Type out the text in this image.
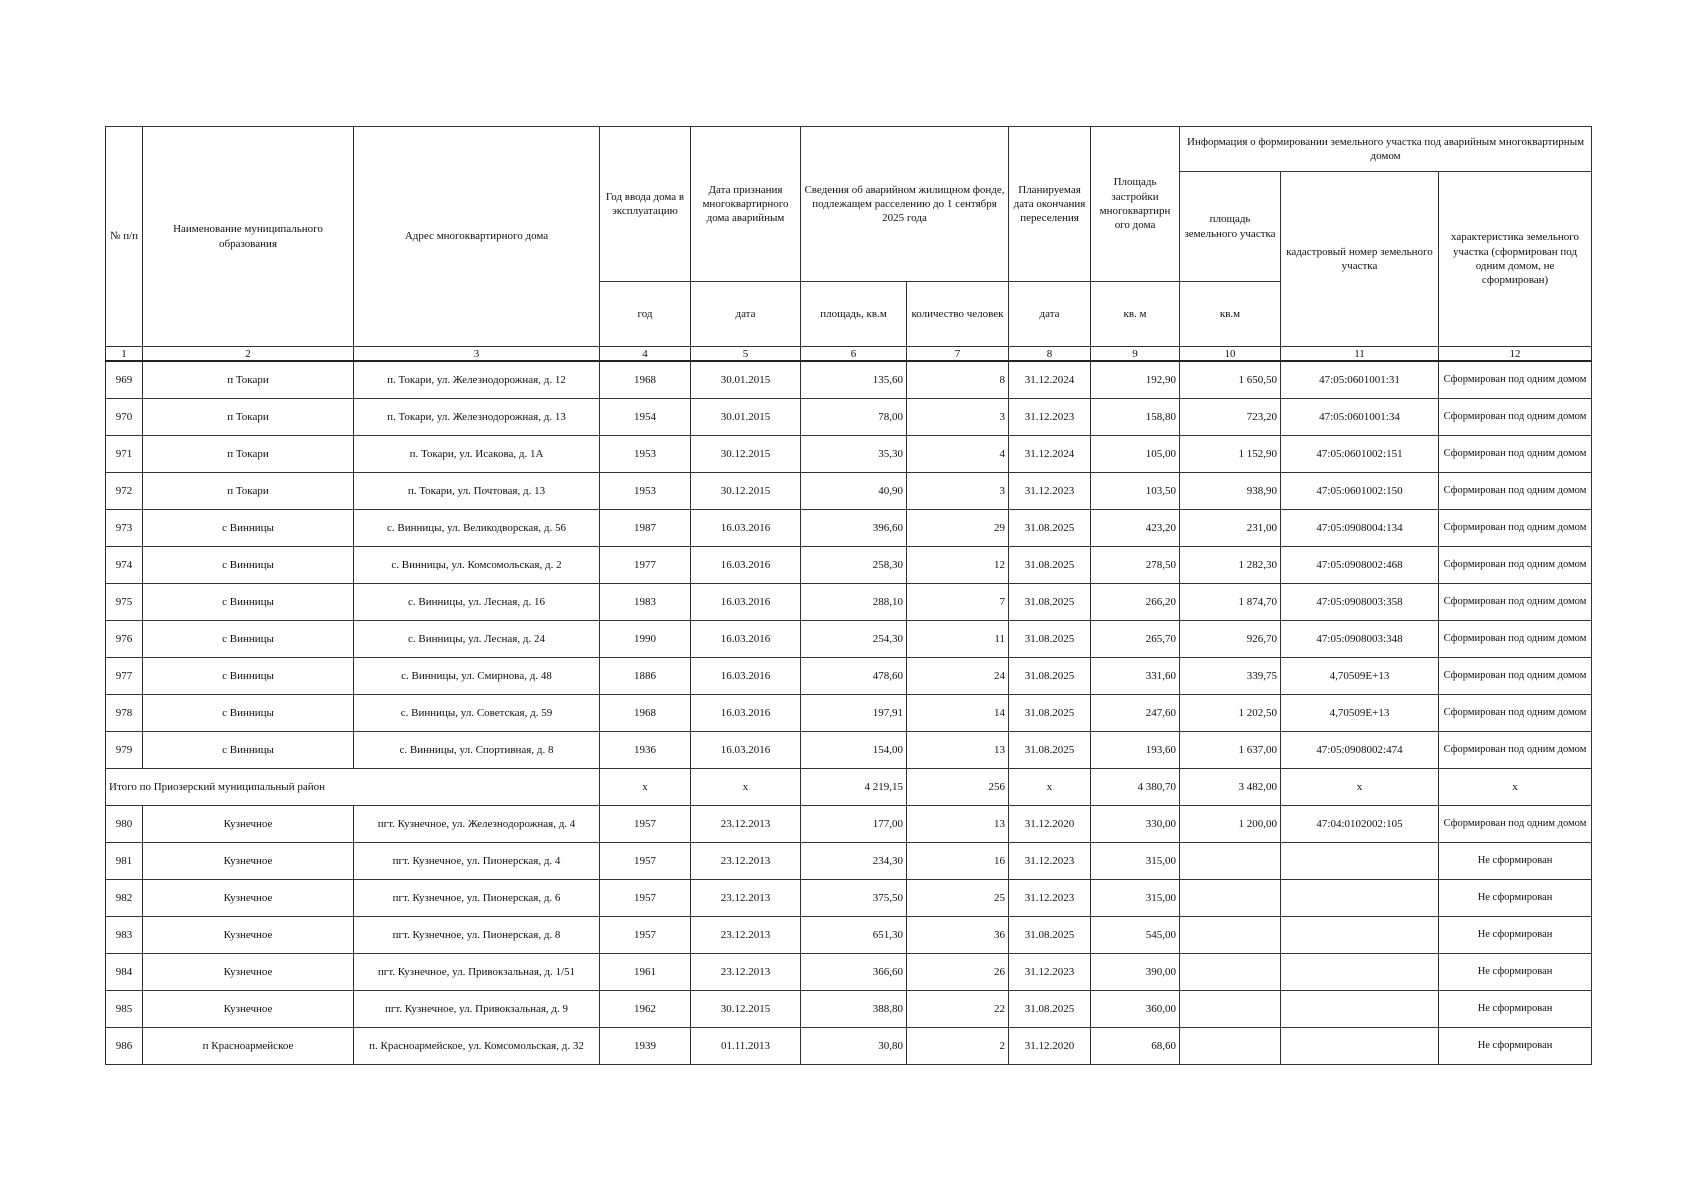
№ п/п	Наименование муниципального образования	Адрес многоквартирного дома	Год ввода дома в эксплуатацию	Дата признания многоквартирного дома аварийным	Сведения об аварийном жилищном фонде, подлежащем расселению до 1 сентября 2025 года		Планируемая дата окончания переселения	Площадь застройки многоквартирн ого дома	Информация о формировании земельного участка под аварийным многоквартирным домом		
									площадь земельного участка	кадастровый номер земельного участка	характеристика земельного участка (сформирован под одним домом, не сформирован)
			год	дата	площадь, кв.м	количество человек	дата	кв. м	кв.м		
1	2	3	4	5	6	7	8	9	10	11	12
969	п Токари	п. Токари, ул. Железнодорожная, д. 12	1968	30.01.2015	135,60	8	31.12.2024	192,90	1 650,50	47:05:0601001:31	Сформирован под одним домом
970	п Токари	п. Токари, ул. Железнодорожная, д. 13	1954	30.01.2015	78,00	3	31.12.2023	158,80	723,20	47:05:0601001:34	Сформирован под одним домом
971	п Токари	п. Токари, ул. Исакова, д. 1А	1953	30.12.2015	35,30	4	31.12.2024	105,00	1 152,90	47:05:0601002:151	Сформирован под одним домом
972	п Токари	п. Токари, ул. Почтовая, д. 13	1953	30.12.2015	40,90	3	31.12.2023	103,50	938,90	47:05:0601002:150	Сформирован под одним домом
973	с Винницы	с. Винницы, ул. Великодворская, д. 56	1987	16.03.2016	396,60	29	31.08.2025	423,20	231,00	47:05:0908004:134	Сформирован под одним домом
974	с Винницы	с. Винницы, ул. Комсомольская, д. 2	1977	16.03.2016	258,30	12	31.08.2025	278,50	1 282,30	47:05:0908002:468	Сформирован под одним домом
975	с Винницы	с. Винницы, ул. Лесная, д. 16	1983	16.03.2016	288,10	7	31.08.2025	266,20	1 874,70	47:05:0908003:358	Сформирован под одним домом
976	с Винницы	с. Винницы, ул. Лесная, д. 24	1990	16.03.2016	254,30	11	31.08.2025	265,70	926,70	47:05:0908003:348	Сформирован под одним домом
977	с Винницы	с. Винницы, ул. Смирнова, д. 48	1886	16.03.2016	478,60	24	31.08.2025	331,60	339,75	4,70509E+13	Сформирован под одним домом
978	с Винницы	с. Винницы, ул. Советская, д. 59	1968	16.03.2016	197,91	14	31.08.2025	247,60	1 202,50	4,70509E+13	Сформирован под одним домом
979	с Винницы	с. Винницы, ул. Спортивная, д. 8	1936	16.03.2016	154,00	13	31.08.2025	193,60	1 637,00	47:05:0908002:474	Сформирован под одним домом
Итого по Приозерский муниципальный район			x	x	4 219,15	256	x	4 380,70	3 482,00	x	x
980	Кузнечное	пгт. Кузнечное, ул. Железнодорожная, д. 4	1957	23.12.2013	177,00	13	31.12.2020	330,00	1 200,00	47:04:0102002:105	Сформирован под одним домом
981	Кузнечное	пгт. Кузнечное, ул. Пионерская, д. 4	1957	23.12.2013	234,30	16	31.12.2023	315,00			Не сформирован
982	Кузнечное	пгт. Кузнечное, ул. Пионерская, д. 6	1957	23.12.2013	375,50	25	31.12.2023	315,00			Не сформирован
983	Кузнечное	пгт. Кузнечное, ул. Пионерская, д. 8	1957	23.12.2013	651,30	36	31.08.2025	545,00			Не сформирован
984	Кузнечное	пгт. Кузнечное, ул. Привокзальная, д. 1/51	1961	23.12.2013	366,60	26	31.12.2023	390,00			Не сформирован
985	Кузнечное	пгт. Кузнечное, ул. Привокзальная, д. 9	1962	30.12.2015	388,80	22	31.08.2025	360,00			Не сформирован
986	п Красноармейское	п. Красноармейское, ул. Комсомольская, д. 32	1939	01.11.2013	30,80	2	31.12.2020	68,60			Не сформирован
